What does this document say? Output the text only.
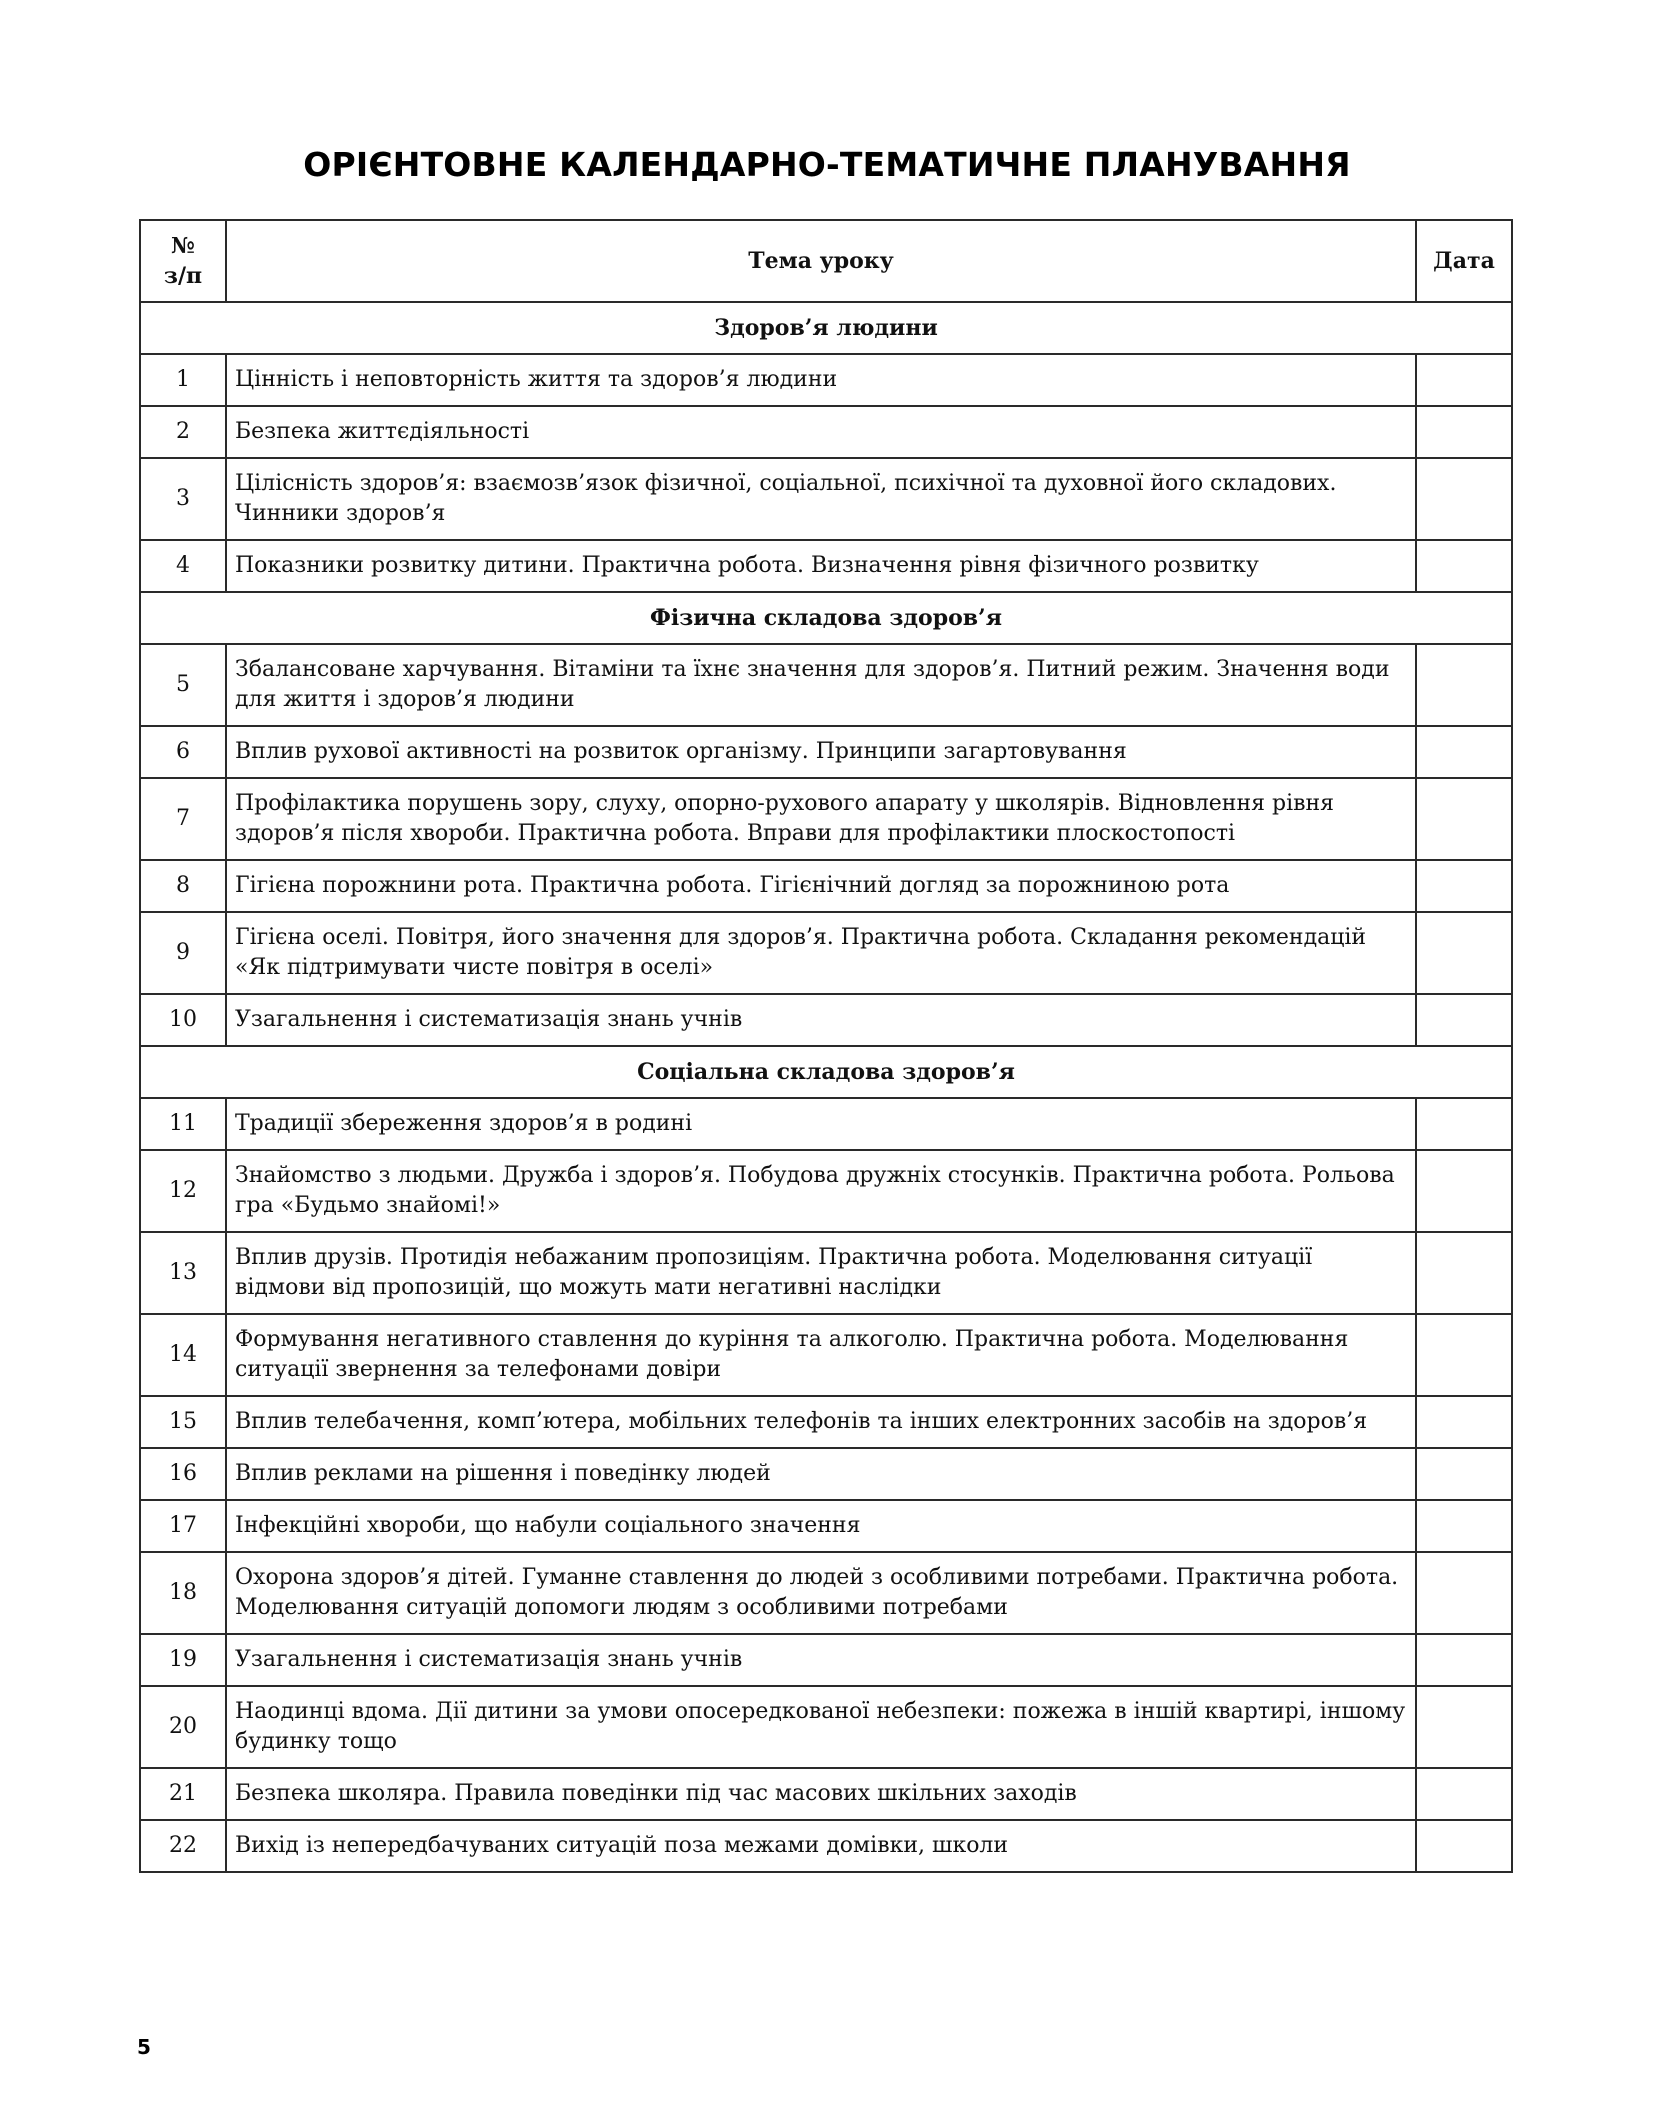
ОРІЄНТОВНЕ КАЛЕНДАРНО-ТЕМАТИЧНЕ ПЛАНУВАННЯ
№
з/п	Тема уроку	Дата
Здоров’я людини		
1	Цінність і неповторність життя та здоров’я людини	
2	Безпека життєдіяльності	
3	Цілісність здоров’я: взаємозв’язок фізичної, соціальної, психічної та духовної його складових. Чинники здоров’я	
4	Показники розвитку дитини. Практична робота. Визначення рівня фізичного розвитку	
Фізична складова здоров’я		
5	Збалансоване харчування. Вітаміни та їхнє значення для здоров’я. Питний режим. Значення води для життя і здоров’я людини	
6	Вплив рухової активності на розвиток організму. Принципи загартовування	
7	Профілактика порушень зору, слуху, опорно-рухового апарату у школярів. Відновлення рівня здоров’я після хвороби. Практична робота. Вправи для профілактики плоскостопості	
8	Гігієна порожнини рота. Практична робота. Гігієнічний догляд за порожниною рота	
9	Гігієна оселі. Повітря, його значення для здоров’я. Практична робота. Складання рекомендацій «Як підтримувати чисте повітря в оселі»	
10	Узагальнення і систематизація знань учнів	
Соціальна складова здоров’я		
11	Традиції збереження здоров’я в родині	
12	Знайомство з людьми. Дружба і здоров’я. Побудова дружніх стосунків. Практична робота. Рольова гра «Будьмо знайомі!»	
13	Вплив друзів. Протидія небажаним пропозиціям. Практична робота. Моделювання ситуації відмови від пропозицій, що можуть мати негативні наслідки	
14	Формування негативного ставлення до куріння та алкоголю. Практична робота. Моделювання ситуації звернення за телефонами довіри	
15	Вплив телебачення, комп’ютера, мобільних телефонів та інших електронних засобів на здоров’я	
16	Вплив реклами на рішення і поведінку людей	
17	Інфекційні хвороби, що набули соціального значення	
18	Охорона здоров’я дітей. Гуманне ставлення до людей з особливими потребами. Практична робота. Моделювання ситуацій допомоги людям з особливими потребами	
19	Узагальнення і систематизація знань учнів	
20	Наодинці вдома. Дії дитини за умови опосередкованої небезпеки: пожежа в іншій квартирі, іншому будинку тощо	
21	Безпека школяра. Правила поведінки під час масових шкільних заходів	
22	Вихід із непередбачуваних ситуацій поза межами домівки, школи	
5
